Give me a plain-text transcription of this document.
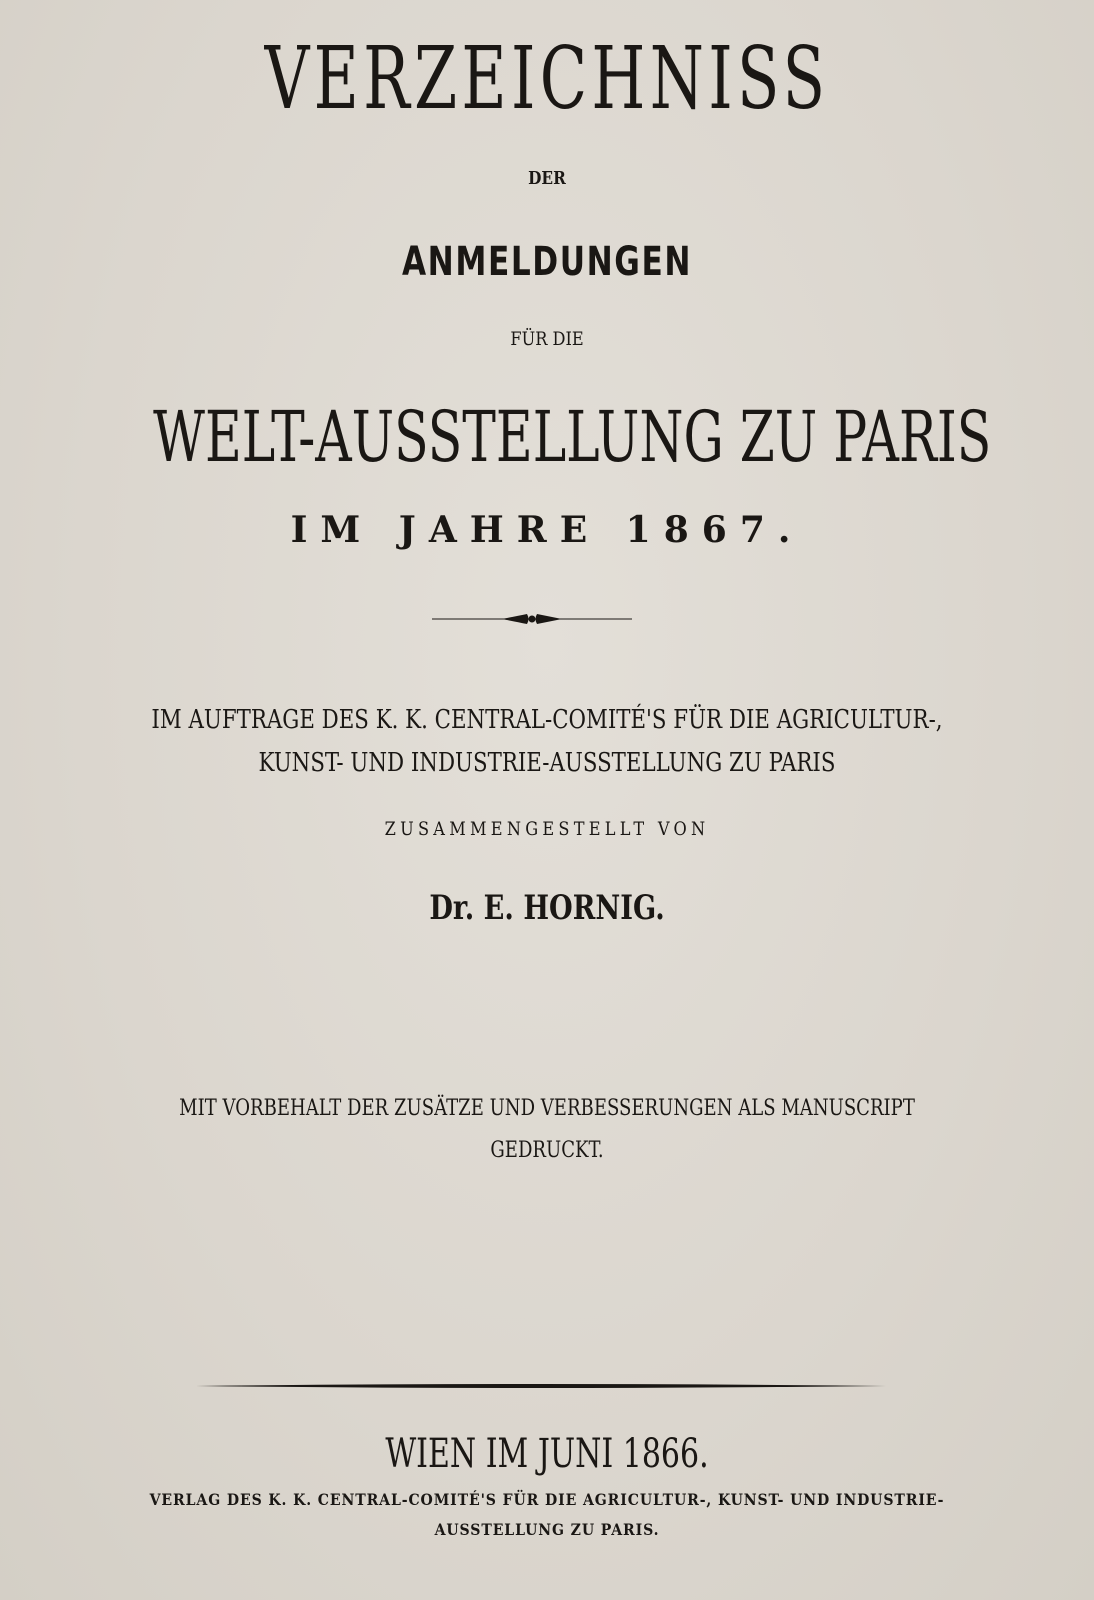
VERZEICHNISS
DER
ANMELDUNGEN
FÜR DIE
WELT-AUSSTELLUNG ZU PARIS
IM JAHRE 1867.
IM AUFTRAGE DES K. K. CENTRAL-COMITÉ'S FÜR DIE AGRICULTUR-,
KUNST- UND INDUSTRIE-AUSSTELLUNG ZU PARIS
ZUSAMMENGESTELLT VON
Dr. E. HORNIG.
MIT VORBEHALT DER ZUSÄTZE UND VERBESSERUNGEN ALS MANUSCRIPT
GEDRUCKT.
WIEN IM JUNI 1866.
VERLAG DES K. K. CENTRAL-COMITÉ'S FÜR DIE AGRICULTUR-, KUNST- UND INDUSTRIE-
AUSSTELLUNG ZU PARIS.
